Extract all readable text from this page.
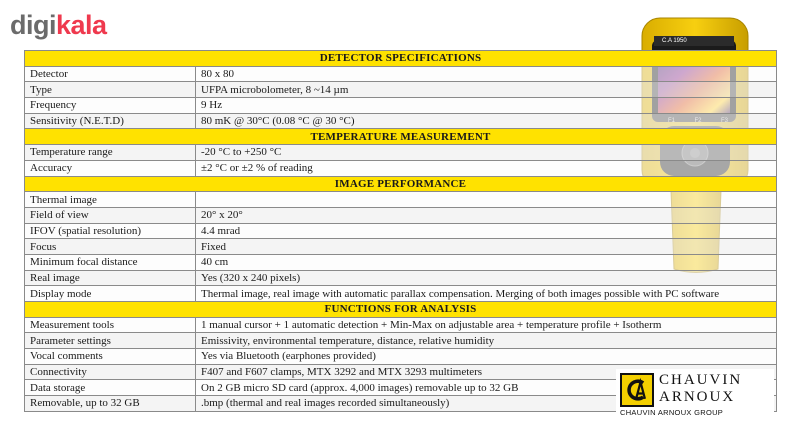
digikala
C.A 1950
DETECTOR SPECIFICATIONS	
Detector	80 x 80
Type	UFPA microbolometer, 8 ~14 µm
Frequency	9 Hz
Sensitivity (N.E.T.D)	80 mK @ 30°C (0.08 °C @ 30 °C)
TEMPERATURE MEASUREMENT	
Temperature range	-20 °C to +250 °C
Accuracy	±2 °C or ±2 % of reading
IMAGE PERFORMANCE	
Thermal image	
Field of view	20° x 20°
IFOV (spatial resolution)	4.4 mrad
Focus	Fixed
Minimum focal distance	40 cm
Real image	Yes (320 x 240 pixels)
Display mode	Thermal image, real image with automatic parallax compensation. Merging of both images possible with PC software
FUNCTIONS FOR ANALYSIS	
Measurement tools	1 manual cursor + 1 automatic detection + Min-Max on adjustable area + temperature profile + Isotherm
Parameter settings	Emissivity, environmental temperature, distance, relative humidity
Vocal comments	Yes via Bluetooth (earphones provided)
Connectivity	F407 and F607 clamps, MTX 3292 and MTX 3293 multimeters
Data storage	On 2 GB micro SD card (approx. 4,000 images) removable up to 32 GB
Removable, up to 32 GB	.bmp (thermal and real images recorded simultaneously)
CHAUVIN
ARNOUX
CHAUVIN ARNOUX GROUP
